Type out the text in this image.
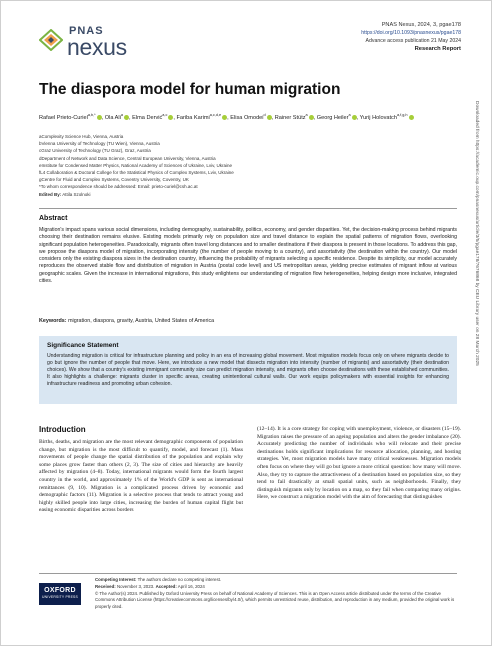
PNAS
nexus
PNAS Nexus, 2024, 3, pgae178
https://doi.org/10.1093/pnasnexus/pgae178
Advance access publication 21 May 2024
Research Report
The diaspora model for human migration
Rafael Prieto-Curiel$^{a,b,*}$ , Ola Ali$^a$ , Elma Dervić$^{a,c}$ , Fariba Karimi$^{a,c,d,e}$ , Elisa Omodei$^d$ , Rainer Stütz$^a$ , Georg Heiler$^a$ , Yurij Holovatch$^{a,f,g,h}$
aComplexity Science Hub, Vienna, Austria
bVienna University of Technology (TU Wien), Vienna, Austria
cGraz University of Technology (TU Graz), Graz, Austria
dDepartment of Network and Data Science, Central European University, Vienna, Austria
eInstitute for Condensed Matter Physics, National Academy of Sciences of Ukraine, Lviv, Ukraine
fL4 Collaboration & Doctoral College for the Statistical Physics of Complex Systems, Lviv, Ukraine
gCentre for Fluid and Complex Systems, Coventry University, Coventry, UK
*To whom correspondence should be addressed: Email: prieto-curiel@csh.ac.at
Edited By: Attila Szolnoki
Abstract

Migration's impact spans various social dimensions, including demography, sustainability, politics, economy, and gender disparities. Yet, the decision-making process behind migrants choosing their destination remains elusive. Existing models primarily rely on population size and travel distance to explain the spatial patterns of migration flows, overlooking significant population heterogeneities. Paradoxically, migrants often travel long distances and to smaller destinations if their diaspora is present in those locations. To address this gap, we propose the diaspora model of migration, incorporating intensity (the number of people moving to a country), and assortativity (the destination within the country). Our model considers only the existing diaspora sizes in the destination country, influencing the probability of migrants selecting a specific residence. Despite its simplicity, our model accurately reproduces the observed stable flow and distribution of migration in Austria (postal code level) and US metropolitan areas, yielding precise estimates of migrant inflow at various geographic scales. Given the increase in international migrations, this study enlightens our understanding of migration flow heterogeneities, helping design more inclusive, integrated cities.

Keywords: migration, diaspora, gravity, Austria, United States of America
Significance Statement

Understanding migration is critical for infrastructure planning and policy in an era of increasing global movement. Most migration models focus only on where migrants decide to go but ignore the number of people that move. Here, we introduce a new model that dissects migration into intensity (number of migrants) and assortativity (their destination choices). We show that a country's existing immigrant community size can predict migration intensity, and migrants often choose destinations with these established communities. It also highlights a challenge: migrants cluster in specific areas, creating unintentional cultural walls. Our work equips policymakers with essential insights for enhancing infrastructure readiness and promoting urban cohesion.

Introduction

Births, deaths, and migration are the most relevant demographic components of population change, but migration is the most difficult to quantify, model, and forecast (1). Mass movements of people change the spatial distribution of the population and explain why some places grow faster than others (2, 3). The size of cities and hierarchy are heavily affected by migration (4–8). Today, international migrants would form the fourth largest country in the world, and approximately 1% of the World's GDP is sent as international remittances (9, 10). Migration is a complicated process driven by economic and demographic factors (11). Migration is a selective process that tends to attract young and highly skilled people into large cities, increasing the burden of human capital flight but easing economic disparities across borders

(12–14). It is a core strategy for coping with unemployment, violence, or disasters (15–19). Migration raises the pressure of an ageing population and alters the gender imbalance (20). Accurately predicting the number of individuals who will relocate and their precise destinations holds significant implications for resource allocation, planning, and hosting strategies. Yet, most migration models have many critical weaknesses. Migration models often focus on where they will go but ignore a more critical question: how many will move. Also, they try to capture the attractiveness of a destination based on population size, so they tend to fail drastically at small spatial units, such as neighborhoods. Finally, they distinguish migrants only by location on a map, so they fail when comparing many origins. Here, we construct a migration model with the aim of forecasting that distinguishes

OXFORD
UNIVERSITY PRESS
Competing Interest: The authors declare no competing interest.
Received: November 3, 2023. Accepted: April 16, 2024
© The Author(s) 2024. Published by Oxford University Press on behalf of National Academy of Sciences. This is an Open Access article distributed under the terms of the Creative Commons Attribution License (https://creativecommons.org/licenses/by/4.0/), which permits unrestricted reuse, distribution, and reproduction in any medium, provided the original work is properly cited.
Downloaded from https://academic.oup.com/pnasnexus/article/3/5/pgae178/7676868 by CEU Library user on 28 March 2025
